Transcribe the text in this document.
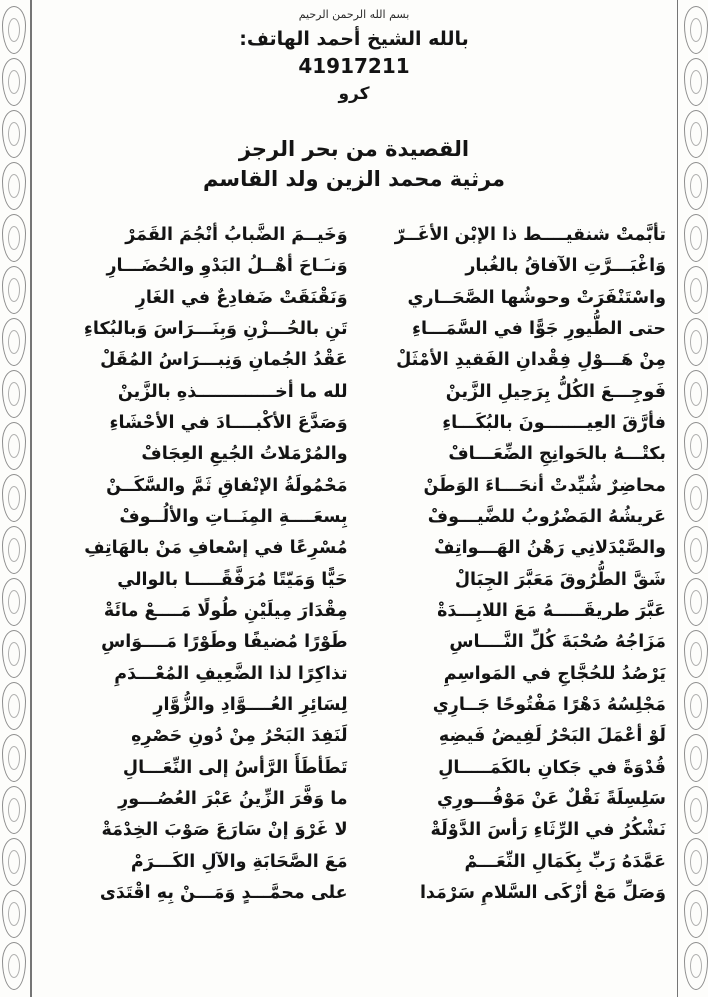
بسم الله الرحمن الرحيم
بالله الشيخ أحمد الهاتف:
41917211
كرو
القصيدة من بحر الرجز
مرثية محمد الزين ولد القاسم
تأبَّمتْ شنقيــــط ذا الإبْن الأغَــرّ
وَخَيــمَ الضَّبابُ أنْجُمَ القَمَرْ
وَاغْبَـــرَّتِ الآفاقُ بالغُبار
وَنـَـاحَ أهْــلُ البَدْوِ والحُضَـــارِ
واسْتَنْفَرَتْ وحوشُها الصَّحَــاري
وَنَقْنَقَتْ ضَفادِعٌ في الغَارِ
حتى الطُّيورِ جَوًّا في السَّمَـــاءِ
تَنِ بالحُـــزْنِ وَبِنَـــرَاسَ وَبالبُكاءِ
مِنْ هَـــوْلِ فِقْدانِ الفَقيدِ الأمْثَلْ
عَقْدُ الجُمانِ وَنِبـــرَاسُ المُقَلْ
فَوجِـــعَ الكُلُّ بِرَحِيلِ الزَّينْ
لله ما أخـــــــــــــذهِ بالزَّينْ
فأرَّقَ العِيـــــــونَ بالبُكَـــاءِ
وَصَدَّعَ الأكْبــــادَ في الأحْشَاءِ
بكتْـــهُ بالحَوانِجِ الضِّعَـــافْ
والمُرْمَلاتُ الجُيعِ العِجَافْ
محاضِرٌ شُيِّدتْ أنحَـــاءَ الوَطَنْ
مَحْمُولَةُ الإنْفاقِ ثَمَّ والسَّكَــنْ
عَريشُهُ المَضْرُوبُ للضَّيـــوفْ
بِسعَــــةِ المِنَــاتِ والألُــوفْ
والصَّيْدَلانِي رَهْنُ الهَـــواتِفْ
مُسْرِعًا في إسْعافِ مَنْ بالهَاتِفِ
شَقَّ الطُّرُوقَ مَعَبَّرَ الجِبَالْ
حَيًّا وَمَيّتًا مُرَفَّقًـــــا بالوالي
عَبَّرَ طريقَـــــهُ مَعَ اللابِـــدَةْ
مِقْدَارَ مِيلَيْنِ طُولًا مَــــعْ مائَةْ
مَزَاجُهُ صُحْبَةَ كُلِّ النَّــــاسِ
طَوْرًا مُضيفًا وطَوْرًا مَــــوَاسِ
يَرْصُدُ للحُجَّاجِ في المَواسِمِ
تذاكِرًا لذا الضَّعِيفِ المُعْـــدَمِ
مَجْلِسُهُ دَهْرًا مَفْتُوحًا جَــارِي
لِسَائِرِ العُــــوَّادِ والزُّوَّارِ
لَوْ أعْمَلَ البَحْرُ لَفِيضُ فَيضِهِ
لَنَفِدَ البَحْرُ مِنْ دُونِ حَصْرِهِ
قُدْوَةً في جَكانِ بالكَمَـــــالِ
تَطَأطَأَ الرَّأسُ إلى النِّعَـــالِ
سَلِسِلَةً نَقْلٌ عَنْ مَوْفُـــورِي
ما وَفَّرَ الزِّينُ عَبْرَ العُصُـــورِ
نَشْكُرُ في الرِّثَاءِ رَأسَ الدَّوْلَةْ
لا غَرْوَ إنْ سَارَعَ صَوْبَ الخِدْمَةْ
عَمَّدَهُ رَبِّ بِكَمَالِ النِّعَـــمْ
مَعَ الصَّحَابَةِ والآلِ الكَـــرَمْ
وَصَلِّ مَعْ أزْكَى السَّلامِ سَرْمَدا
على محمَّـــدٍ وَمَـــنْ بِهِ اقْتَدَى
